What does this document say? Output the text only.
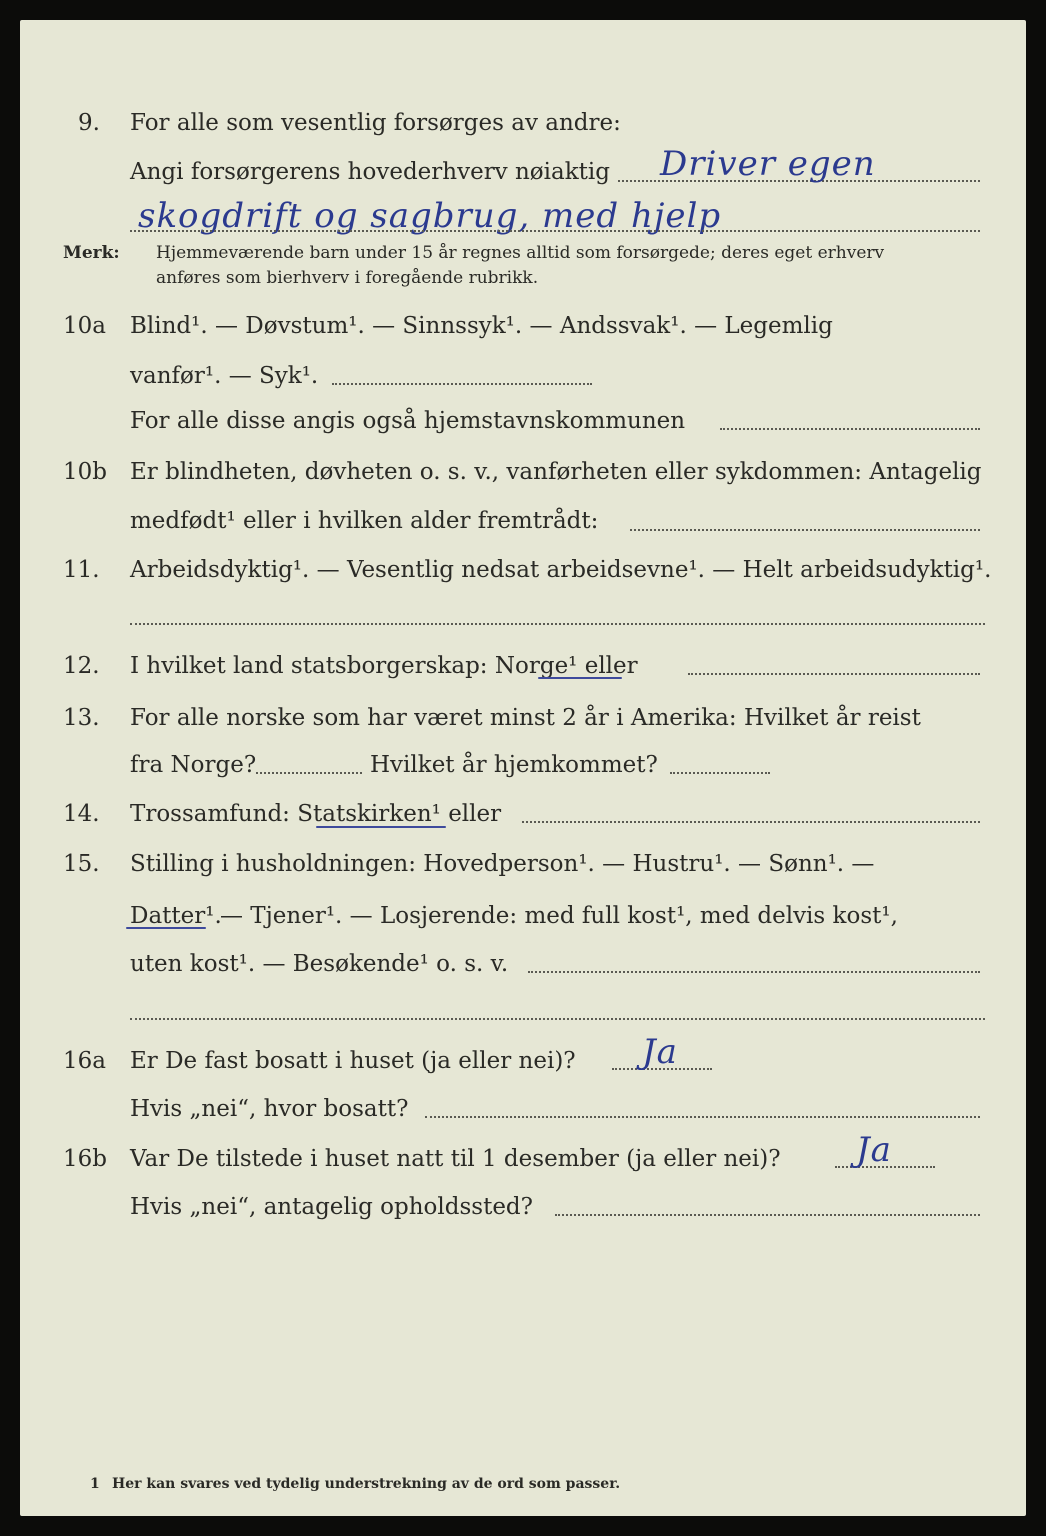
9. For alle som vesentlig forsørges av andre:
Angi forsørgerens hovederhverv nøiaktig Driver egen
skogdrift og sagbrug, med hjelp
Merk: Hjemmeværende barn under 15 år regnes alltid som forsørgede; deres eget erhverv
anføres som bierhverv i foregående rubrikk.
10a Blind¹. — Døvstum¹. — Sinnssyk¹. — Andssvak¹. — Legemlig
vanfør¹. — Syk¹.
For alle disse angis også hjemstavnskommunen
10b Er blindheten, døvheten o. s. v., vanførheten eller sykdommen: Antagelig
medfødt¹ eller i hvilken alder fremtrådt:
11. Arbeidsdyktig¹. — Vesentlig nedsat arbeidsevne¹. — Helt arbeidsudyktig¹.
12. I hvilket land statsborgerskap: Norge¹ eller
13. For alle norske som har været minst 2 år i Amerika: Hvilket år reist
fra Norge?	Hvilket år hjemkommet?
14. Trossamfund: Statskirken¹ eller
15. Stilling i husholdningen: Hovedperson¹. — Hustru¹. — Sønn¹. —
Datter¹.
— Tjener¹. — Losjerende: med full kost¹, med delvis kost¹,
uten kost¹. — Besøkende¹ o. s. v.
16a Er De fast bosatt i huset (ja eller nei)? Ja
Hvis „nei“, hvor bosatt?
16b Var De tilstede i huset natt til 1 desember (ja eller nei)? Ja
Hvis „nei“, antagelig opholdssted?
1 Her kan svares ved tydelig understrekning av de ord som passer.
